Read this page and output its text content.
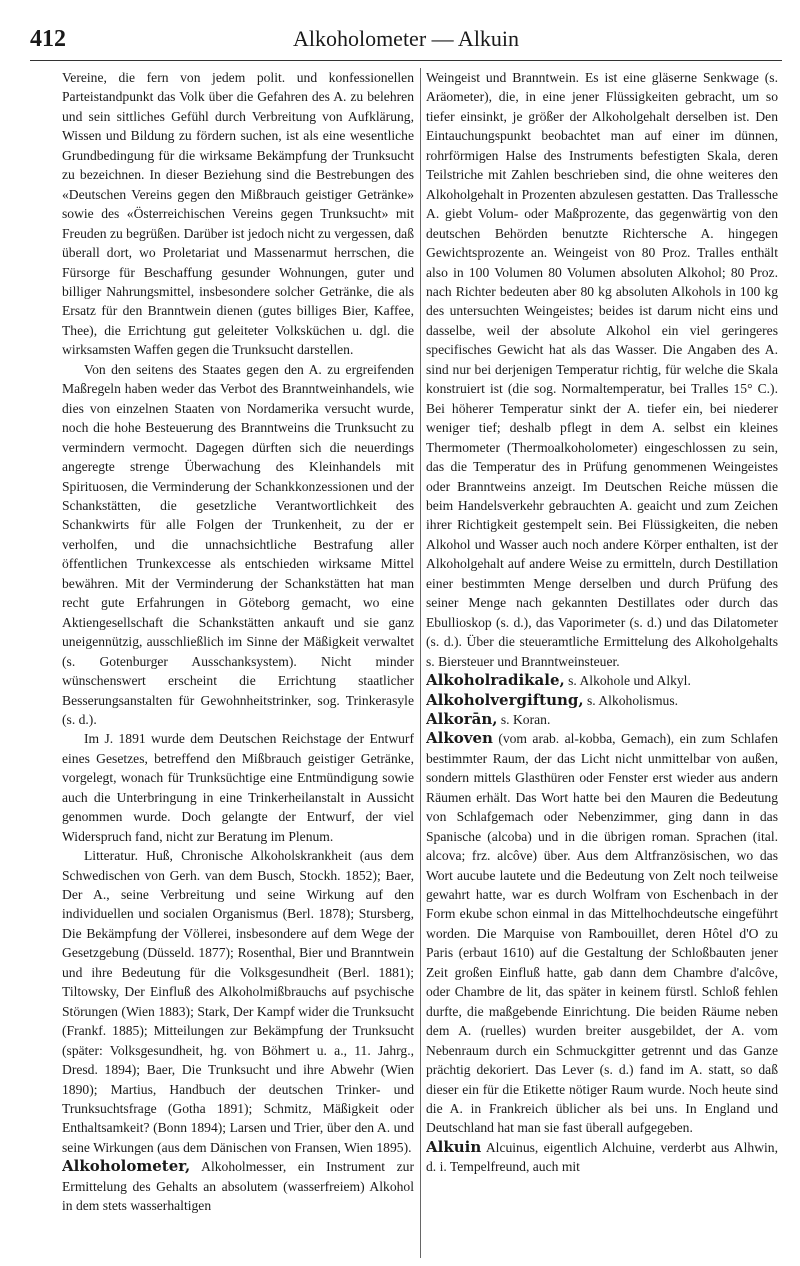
412	Alkoholometer — Alkuin

Vereine, die fern von jedem polit. und konfessionellen Parteistandpunkt das Volk über die Gefahren des A. zu belehren und sein sittliches Gefühl durch Verbreitung von Aufklärung, Wissen und Bildung zu fördern suchen, ist als eine wesentliche Grundbedingung für die wirksame Bekämpfung der Trunksucht zu bezeichnen. In dieser Beziehung sind die Bestrebungen des «Deutschen Vereins gegen den Mißbrauch geistiger Getränke» sowie des «Österreichischen Vereins gegen Trunksucht» mit Freuden zu begrüßen. Darüber ist jedoch nicht zu vergessen, daß überall dort, wo Proletariat und Massenarmut herrschen, die Fürsorge für Beschaffung gesunder Wohnungen, guter und billiger Nahrungsmittel, insbesondere solcher Getränke, die als Ersatz für den Branntwein dienen (gutes billiges Bier, Kaffee, Thee), die Errichtung gut geleiteter Volksküchen u. dgl. die wirksamsten Waffen gegen die Trunksucht darstellen.

Von den seitens des Staates gegen den A. zu ergreifenden Maßregeln haben weder das Verbot des Branntweinhandels, wie dies von einzelnen Staaten von Nordamerika versucht wurde, noch die hohe Besteuerung des Branntweins die Trunksucht zu vermindern vermocht. Dagegen dürften sich die neuerdings angeregte strenge Überwachung des Kleinhandels mit Spirituosen, die Verminderung der Schankkonzessionen und der Schankstätten, die gesetzliche Verantwortlichkeit des Schankwirts für alle Folgen der Trunkenheit, zu der er verholfen, und die unnachsichtliche Bestrafung aller öffentlichen Trunkexcesse als entschieden wirksame Mittel bewähren. Mit der Verminderung der Schankstätten hat man recht gute Erfahrungen in Göteborg gemacht, wo eine Aktiengesellschaft die Schankstätten ankauft und sie ganz uneigennützig, ausschließlich im Sinne der Mäßigkeit verwaltet (s. Gotenburger Ausschanksystem). Nicht minder wünschenswert erscheint die Errichtung staatlicher Besserungsanstalten für Gewohnheitstrinker, sog. Trinkerasyle (s. d.).

Im J. 1891 wurde dem Deutschen Reichstage der Entwurf eines Gesetzes, betreffend den Mißbrauch geistiger Getränke, vorgelegt, wonach für Trunksüchtige eine Entmündigung sowie auch die Unterbringung in eine Trinkerheilanstalt in Aussicht genommen wurde. Doch gelangte der Entwurf, der viel Widerspruch fand, nicht zur Beratung im Plenum.

Litteratur. Huß, Chronische Alkoholskrankheit (aus dem Schwedischen von Gerh. van dem Busch, Stockh. 1852); Baer, Der A., seine Verbreitung und seine Wirkung auf den individuellen und socialen Organismus (Berl. 1878); Stursberg, Die Bekämpfung der Völlerei, insbesondere auf dem Wege der Gesetzgebung (Düsseld. 1877); Rosenthal, Bier und Branntwein und ihre Bedeutung für die Volksgesundheit (Berl. 1881); Tiltowsky, Der Einfluß des Alkoholmißbrauchs auf psychische Störungen (Wien 1883); Stark, Der Kampf wider die Trunksucht (Frankf. 1885); Mitteilungen zur Bekämpfung der Trunksucht (später: Volksgesundheit, hg. von Böhmert u. a., 11. Jahrg., Dresd. 1894); Baer, Die Trunksucht und ihre Abwehr (Wien 1890); Martius, Handbuch der deutschen Trinker- und Trunksuchtsfrage (Gotha 1891); Schmitz, Mäßigkeit oder Enthaltsamkeit? (Bonn 1894); Larsen und Trier, über den A. und seine Wirkungen (aus dem Dänischen von Fransen, Wien 1895).

Alkoholometer, Alkoholmesser, ein Instrument zur Ermittelung des Gehalts an absolutem (wasserfreiem) Alkohol in dem stets wasserhaltigen

Weingeist und Branntwein. Es ist eine gläserne Senkwage (s. Aräometer), die, in eine jener Flüssigkeiten gebracht, um so tiefer einsinkt, je größer der Alkoholgehalt derselben ist. Den Eintauchungspunkt beobachtet man auf einer im dünnen, rohrförmigen Halse des Instruments befestigten Skala, deren Teilstriche mit Zahlen beschrieben sind, die ohne weiteres den Alkoholgehalt in Prozenten abzulesen gestatten. Das Trallessche A. giebt Volum- oder Maßprozente, das gegenwärtig von den deutschen Behörden benutzte Richtersche A. hingegen Gewichtsprozente an. Weingeist von 80 Proz. Tralles enthält also in 100 Volumen 80 Volumen absoluten Alkohol; 80 Proz. nach Richter bedeuten aber 80 kg absoluten Alkohols in 100 kg des untersuchten Weingeistes; beides ist darum nicht eins und dasselbe, weil der absolute Alkohol ein viel geringeres specifisches Gewicht hat als das Wasser. Die Angaben des A. sind nur bei derjenigen Temperatur richtig, für welche die Skala konstruiert ist (die sog. Normaltemperatur, bei Tralles 15° C.). Bei höherer Temperatur sinkt der A. tiefer ein, bei niederer weniger tief; deshalb pflegt in dem A. selbst ein kleines Thermometer (Thermoalkoholometer) eingeschlossen zu sein, das die Temperatur des in Prüfung genommenen Weingeistes oder Branntweins anzeigt. Im Deutschen Reiche müssen die beim Handelsverkehr gebrauchten A. geaicht und zum Zeichen ihrer Richtigkeit gestempelt sein. Bei Flüssigkeiten, die neben Alkohol und Wasser auch noch andere Körper enthalten, ist der Alkoholgehalt auf andere Weise zu ermitteln, durch Destillation einer bestimmten Menge derselben und durch Prüfung des seiner Menge nach gekannten Destillates oder durch das Ebullioskop (s. d.), das Vaporimeter (s. d.) und das Dilatometer (s. d.). Über die steueramtliche Ermittelung des Alkoholgehalts s. Biersteuer und Branntweinsteuer.

Alkoholradikale, s. Alkohole und Alkyl.

Alkoholvergiftung, s. Alkoholismus.

Alkorān, s. Koran.

Alkoven (vom arab. al-kobba, Gemach), ein zum Schlafen bestimmter Raum, der das Licht nicht unmittelbar von außen, sondern mittels Glasthüren oder Fenster erst wieder aus andern Räumen erhält. Das Wort hatte bei den Mauren die Bedeutung von Schlafgemach oder Nebenzimmer, ging dann in das Spanische (alcoba) und in die übrigen roman. Sprachen (ital. alcova; frz. alcôve) über. Aus dem Altfranzösischen, wo das Wort aucube lautete und die Bedeutung von Zelt noch teilweise gewahrt hatte, war es durch Wolfram von Eschenbach in der Form ekube schon einmal in das Mittelhochdeutsche eingeführt worden. Die Marquise von Rambouillet, deren Hôtel d'O zu Paris (erbaut 1610) auf die Gestaltung der Schloßbauten jener Zeit großen Einfluß hatte, gab dann dem Chambre d'alcôve, oder Chambre de lit, das später in keinem fürstl. Schloß fehlen durfte, die maßgebende Einrichtung. Die beiden Räume neben dem A. (ruelles) wurden breiter ausgebildet, der A. vom Nebenraum durch ein Schmuckgitter getrennt und das Ganze prächtig dekoriert. Das Lever (s. d.) fand im A. statt, so daß dieser ein für die Etikette nötiger Raum wurde. Noch heute sind die A. in Frankreich üblicher als bei uns. In England und Deutschland hat man sie fast überall aufgegeben.

Alkuin Alcuinus, eigentlich Alchuine, verderbt aus Alhwin, d. i. Tempelfreund, auch mit
